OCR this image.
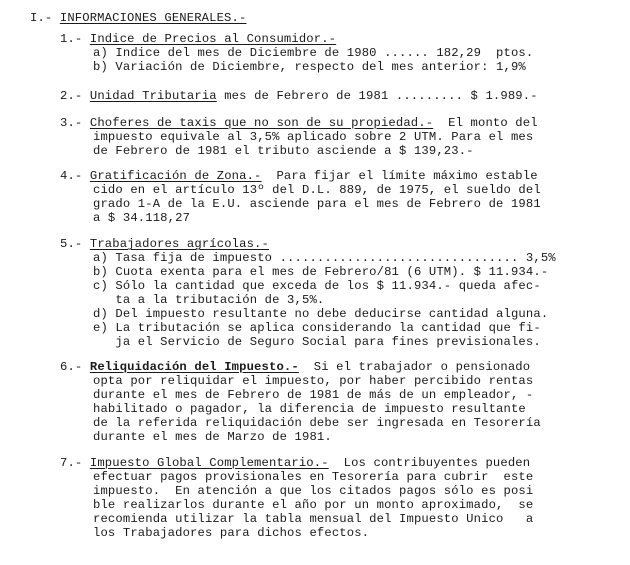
I.- INFORMACIONES GENERALES.-
1.- Indice de Precios al Consumidor.-
a) Indice del mes de Diciembre de 1980 ...... 182,29  ptos.
b) Variación de Diciembre, respecto del mes anterior: 1,9%
2.- Unidad Tributaria mes de Febrero de 1981 ......... $ 1.989.-
3.- Choferes de taxis que no son de su propiedad.-  El monto del
impuesto equivale al 3,5% aplicado sobre 2 UTM. Para el mes
de Febrero de 1981 el tributo asciende a $ 139,23.-
4.- Gratificación de Zona.-  Para fijar el límite máximo estable
cido en el artículo 13º del D.L. 889, de 1975, el sueldo del
grado 1-A de la E.U. asciende para el mes de Febrero de 1981
a $ 34.118,27
5.- Trabajadores agrícolas.-
a) Tasa fija de impuesto ................................ 3,5%
b) Cuota exenta para el mes de Febrero/81 (6 UTM). $ 11.934.-
c) Sólo la cantidad que exceda de los $ 11.934.- queda afec-
ta a la tributación de 3,5%.
d) Del impuesto resultante no debe deducirse cantidad alguna.
e) La tributación se aplica considerando la cantidad que fi-
ja el Servicio de Seguro Social para fines previsionales.
6.- Reliquidación del Impuesto.-  Si el trabajador o pensionado
opta por reliquidar el impuesto, por haber percibido rentas
durante el mes de Febrero de 1981 de más de un empleador, -
habilitado o pagador, la diferencia de impuesto resultante
de la referida reliquidación debe ser ingresada en Tesorería
durante el mes de Marzo de 1981.
7.- Impuesto Global Complementario.-  Los contribuyentes pueden
efectuar pagos provisionales en Tesorería para cubrir  este
impuesto.  En atención a que los citados pagos sólo es posi
ble realizarlos durante el año por un monto aproximado,  se
recomienda utilizar la tabla mensual del Impuesto Unico   a
los Trabajadores para dichos efectos.
